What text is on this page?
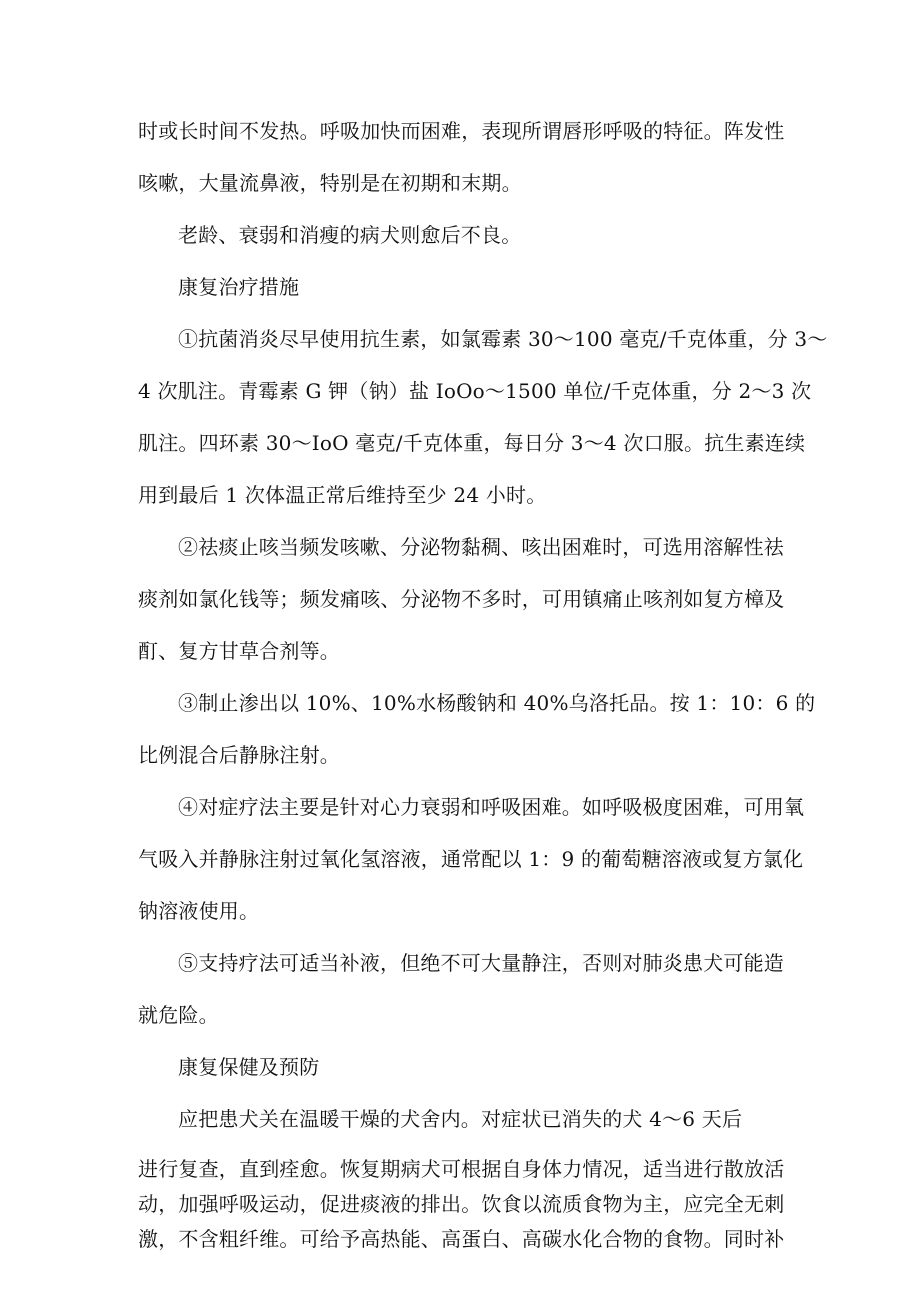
时或长时间不发热。呼吸加快而困难，表现所谓唇形呼吸的特征。阵发性
咳嗽，大量流鼻液，特别是在初期和末期。
老龄、衰弱和消瘦的病犬则愈后不良。
康复治疗措施
①抗菌消炎尽早使用抗生素，如氯霉素 30～100 毫克/千克体重，分 3～
4 次肌注。青霉素 G 钾（钠）盐 IoOo～1500 单位/千克体重，分 2～3 次
肌注。四环素 30～IoO 毫克/千克体重，每日分 3～4 次口服。抗生素连续
用到最后 1 次体温正常后维持至少 24 小时。
②祛痰止咳当频发咳嗽、分泌物黏稠、咳出困难时，可选用溶解性祛
痰剂如氯化钱等；频发痛咳、分泌物不多时，可用镇痛止咳剂如复方樟及
酊、复方甘草合剂等。
③制止渗出以 10%、10%水杨酸钠和 40%乌洛托品。按 1：10：6 的
比例混合后静脉注射。
④对症疗法主要是针对心力衰弱和呼吸困难。如呼吸极度困难，可用氧
气吸入并静脉注射过氧化氢溶液，通常配以 1：9 的葡萄糖溶液或复方氯化
钠溶液使用。
⑤支持疗法可适当补液，但绝不可大量静注，否则对肺炎患犬可能造
就危险。
康复保健及预防
应把患犬关在温暖干燥的犬舍内。对症状已消失的犬 4～6 天后
进行复查，直到痊愈。恢复期病犬可根据自身体力情况，适当进行散放活
动，加强呼吸运动，促进痰液的排出。饮食以流质食物为主，应完全无刺
激，不含粗纤维。可给予高热能、高蛋白、高碳水化合物的食物。同时补
